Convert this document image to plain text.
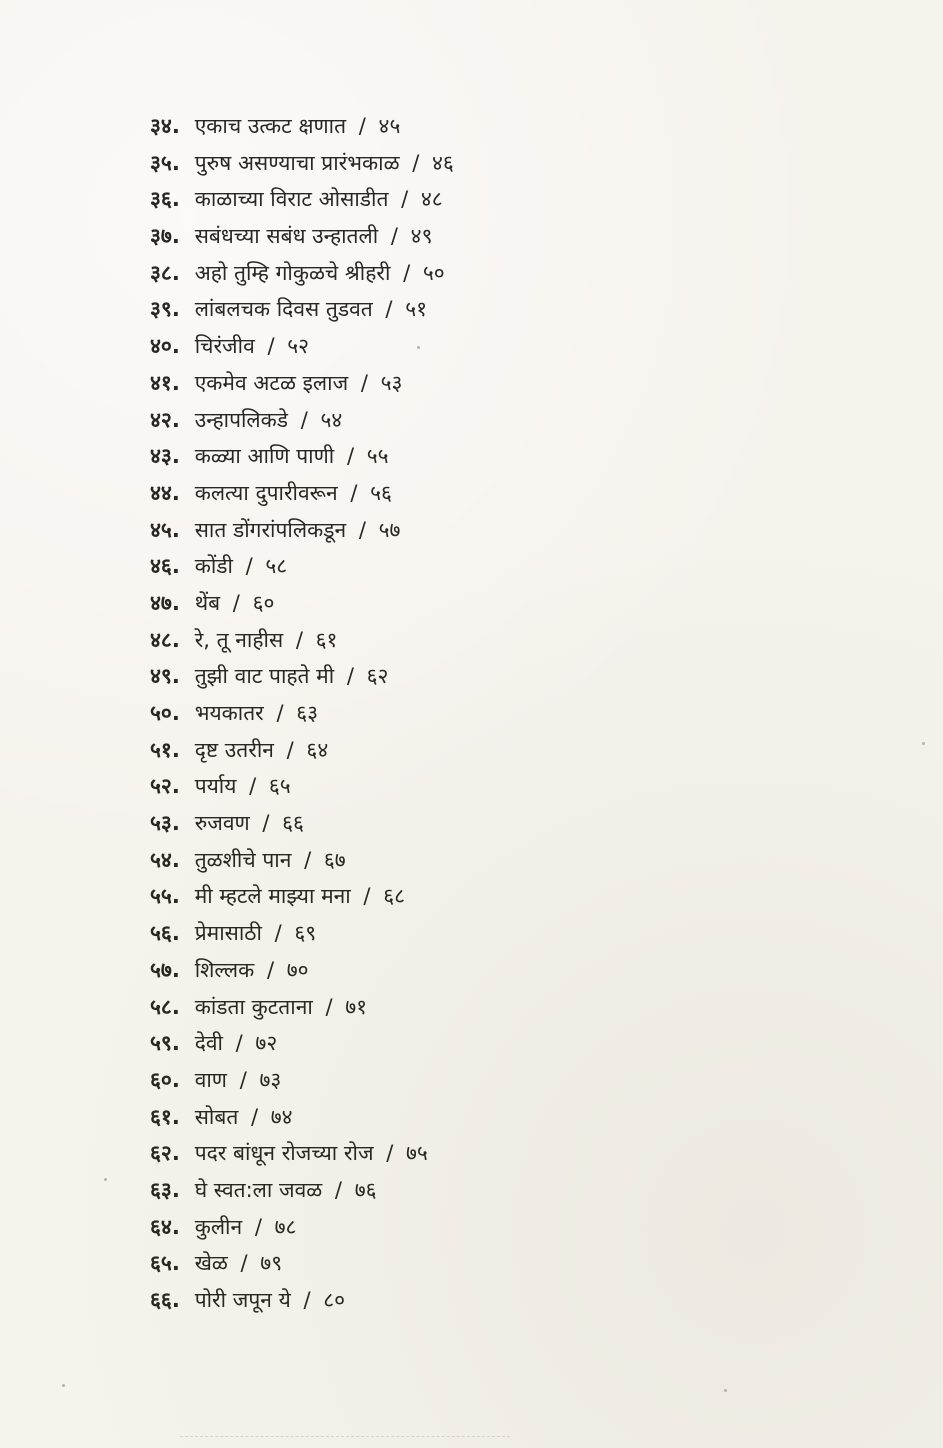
३४. एकाच उत्कट क्षणात / ४५
३५. पुरुष असण्याचा प्रारंभकाळ / ४६
३६. काळाच्या विराट ओसाडीत / ४८
३७. सबंधच्या सबंध उन्हातली / ४९
३८. अहो तुम्हि गोकुळचे श्रीहरी / ५०
३९. लांबलचक दिवस तुडवत / ५१
४०. चिरंजीव / ५२
४१. एकमेव अटळ इलाज / ५३
४२. उन्हापलिकडे / ५४
४३. कळ्या आणि पाणी / ५५
४४. कलत्या दुपारीवरून / ५६
४५. सात डोंगरांपलिकडून / ५७
४६. कोंडी / ५८
४७. थेंब / ६०
४८. रे, तू नाहीस / ६१
४९. तुझी वाट पाहते मी / ६२
५०. भयकातर / ६३
५१. दृष्ट उतरीन / ६४
५२. पर्याय / ६५
५३. रुजवण / ६६
५४. तुळशीचे पान / ६७
५५. मी म्हटले माझ्या मना / ६८
५६. प्रेमासाठी / ६९
५७. शिल्लक / ७०
५८. कांडता कुटताना / ७१
५९. देवी / ७२
६०. वाण / ७३
६१. सोबत / ७४
६२. पदर बांधून रोजच्या रोज / ७५
६३. घे स्वत:ला जवळ / ७६
६४. कुलीन / ७८
६५. खेळ / ७९
६६. पोरी जपून ये / ८०
